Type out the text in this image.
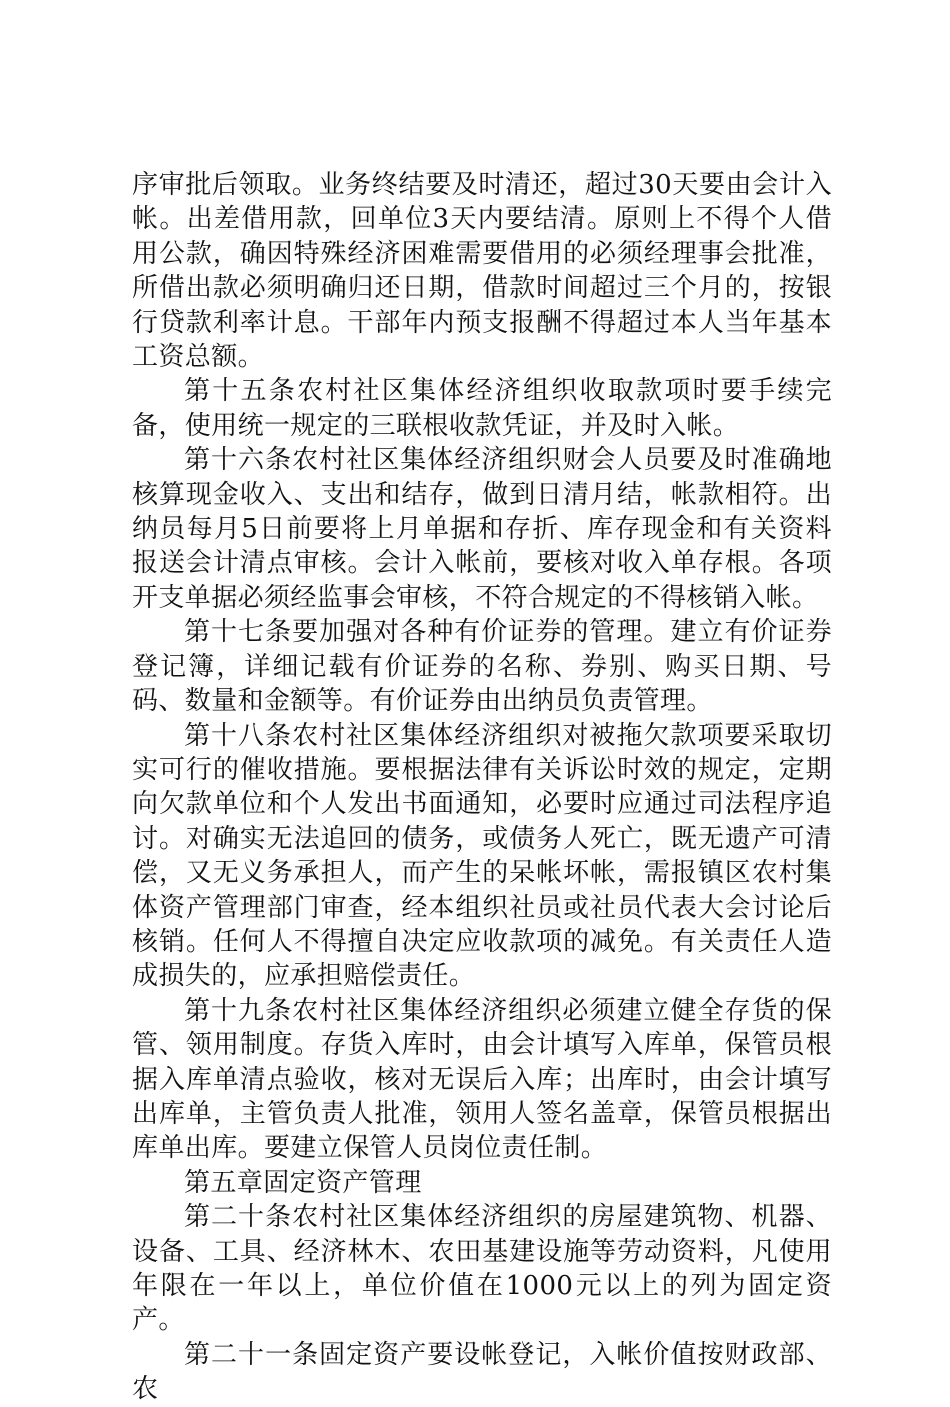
序审批后领取。业务终结要及时清还，超过30天要由会计入帐。出差借用款，回单位3天内要结清。原则上不得个人借用公款，确因特殊经济困难需要借用的必须经理事会批准，所借出款必须明确归还日期，借款时间超过三个月的，按银行贷款利率计息。干部年内预支报酬不得超过本人当年基本工资总额。

第十五条农村社区集体经济组织收取款项时要手续完备，使用统一规定的三联根收款凭证，并及时入帐。

第十六条农村社区集体经济组织财会人员要及时准确地核算现金收入、支出和结存，做到日清月结，帐款相符。出纳员每月5日前要将上月单据和存折、库存现金和有关资料报送会计清点审核。会计入帐前，要核对收入单存根。各项开支单据必须经监事会审核，不符合规定的不得核销入帐。

第十七条要加强对各种有价证券的管理。建立有价证券登记簿，详细记载有价证券的名称、券别、购买日期、号码、数量和金额等。有价证券由出纳员负责管理。

第十八条农村社区集体经济组织对被拖欠款项要采取切实可行的催收措施。要根据法律有关诉讼时效的规定，定期向欠款单位和个人发出书面通知，必要时应通过司法程序追讨。对确实无法追回的债务，或债务人死亡，既无遗产可清偿，又无义务承担人，而产生的呆帐坏帐，需报镇区农村集体资产管理部门审查，经本组织社员或社员代表大会讨论后核销。任何人不得擅自决定应收款项的减免。有关责任人造成损失的，应承担赔偿责任。

第十九条农村社区集体经济组织必须建立健全存货的保管、领用制度。存货入库时，由会计填写入库单，保管员根据入库单清点验收，核对无误后入库；出库时，由会计填写出库单，主管负责人批准，领用人签名盖章，保管员根据出库单出库。要建立保管人员岗位责任制。

第五章固定资产管理

第二十条农村社区集体经济组织的房屋建筑物、机器、设备、工具、经济林木、农田基建设施等劳动资料，凡使用年限在一年以上，单位价值在1000元以上的列为固定资产。

第二十一条固定资产要设帐登记，入帐价值按财政部、农
